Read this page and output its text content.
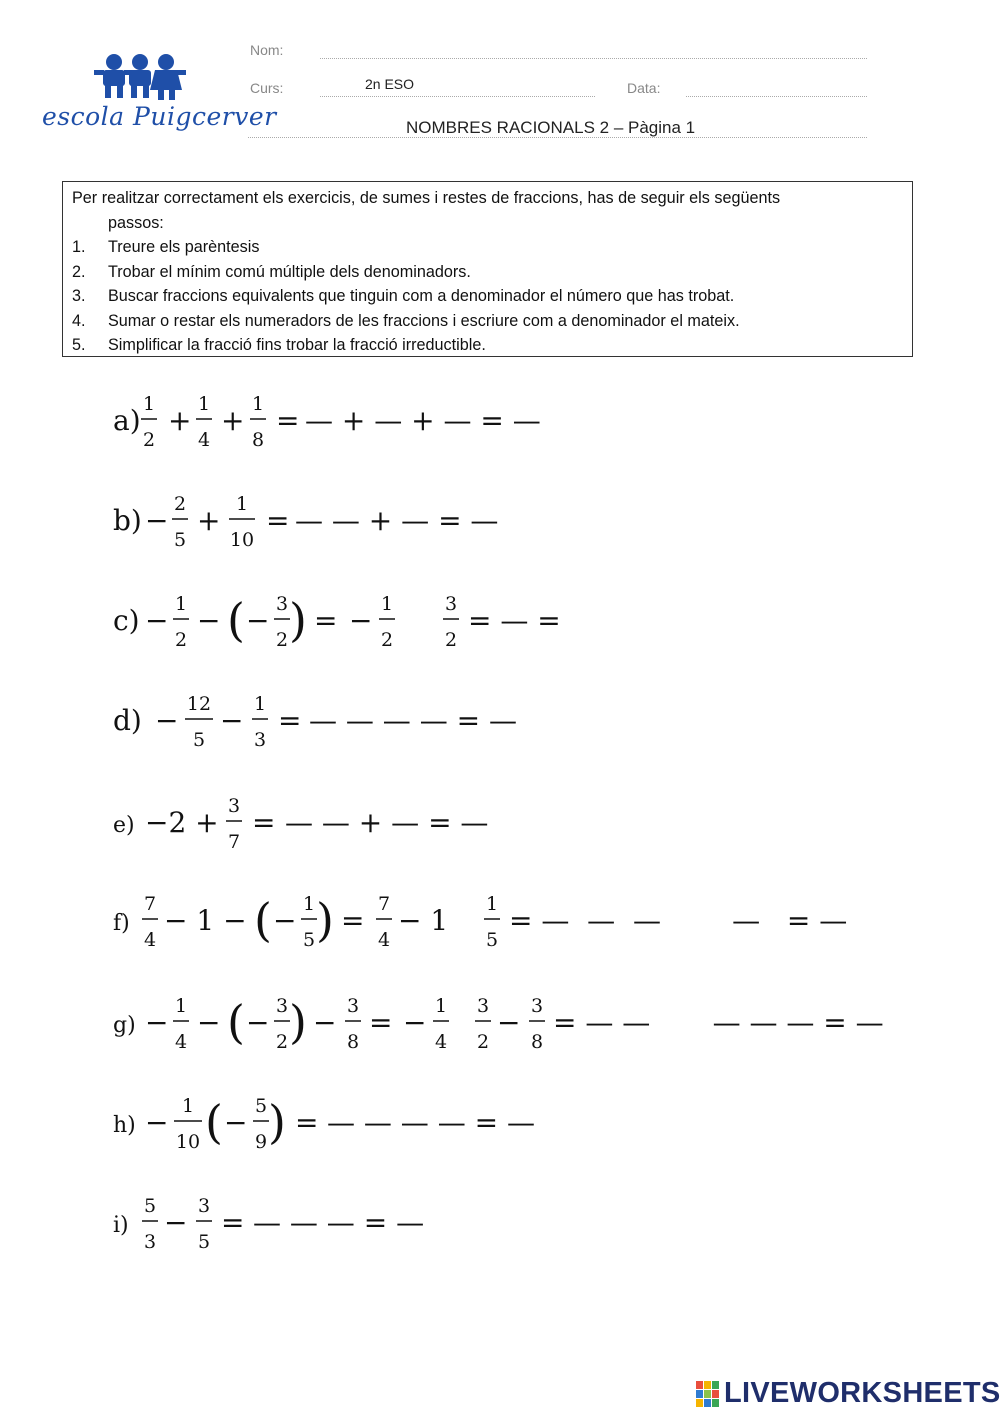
escola Puigcerver
Nom:
Curs:	2n ESO	Data:
NOMBRES RACIONALS 2 – Pàgina 1

Per realitzar correctament els exercicis, de sumes i restes de fraccions, has de seguir els següents
passos:

1. Treure els parèntesis
2. Trobar el mínim comú múltiple dels denominadors.
3. Buscar fraccions equivalents que tinguin com a denominador el número que has trobat.
4. Sumar o restar els numeradors de les fraccions i escriure com a denominador el mateix.
5. Simplificar la fracció fins trobar la fracció irreductible.
a) 1
2
+ 1
4
+ 1
8
= — + — + — = —
b) − 2
5
+ 1
10
= — — + — = —
c) − 1
2
− ( − 3
2 ) = − 1
2
3
2
= — =
d) − 12
5
− 1
3
= — — — — = —
e) −2 + 3
7
= — — + — = —
f)
7
4
− 1 − ( − 1
5 ) = 7
4
− 1 1
5
= —  —  —        —   = —
g) − 1
4
− ( − 3
2 ) − 3
8
= − 1
4
3
2
− 3
8
= — —       — — — = —
h) − 1
10 ( − 5
9 ) = — — — — = —
i)
5
3
− 3
5
= — — — = —
LIVEWORKSHEETS
